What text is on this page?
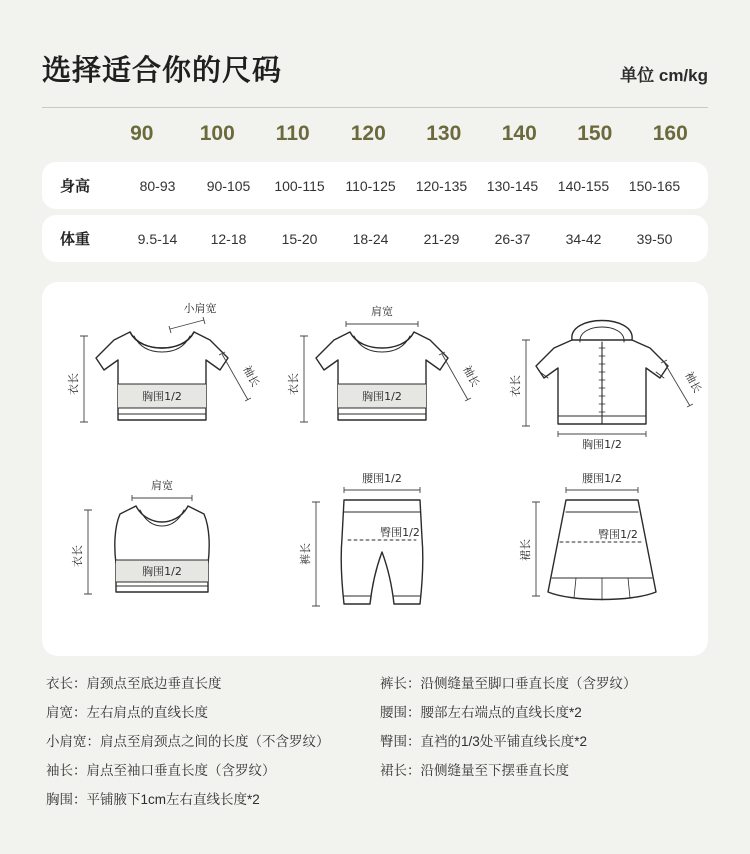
选择适合你的尺码	单位 cm/kg
90	100	110	120	130	140	150	160
身高	80-93	90-105	100-115	110-125	120-135	130-145	140-155	150-165
体重	9.5-14	12-18	15-20	18-24	21-29	26-37	34-42	39-50
衣长
小肩宽
袖长
胸围1/2
衣长
肩宽
袖长
胸围1/2	衣长	袖长
胸围1/2
衣长
肩宽
胸围1/2
腰围1/2
裤长
臀围1/2
腰围1/2
裙长
臀围1/2
衣长：肩颈点至底边垂直长度	裤长：沿侧缝量至脚口垂直长度（含罗纹）
肩宽：左右肩点的直线长度	腰围：腰部左右端点的直线长度*2
小肩宽：肩点至肩颈点之间的长度（不含罗纹）	臀围：直裆的1/3处平铺直线长度*2
袖长：肩点至袖口垂直长度（含罗纹）	裙长：沿侧缝量至下摆垂直长度
胸围：平铺腋下1cm左右直线长度*2
